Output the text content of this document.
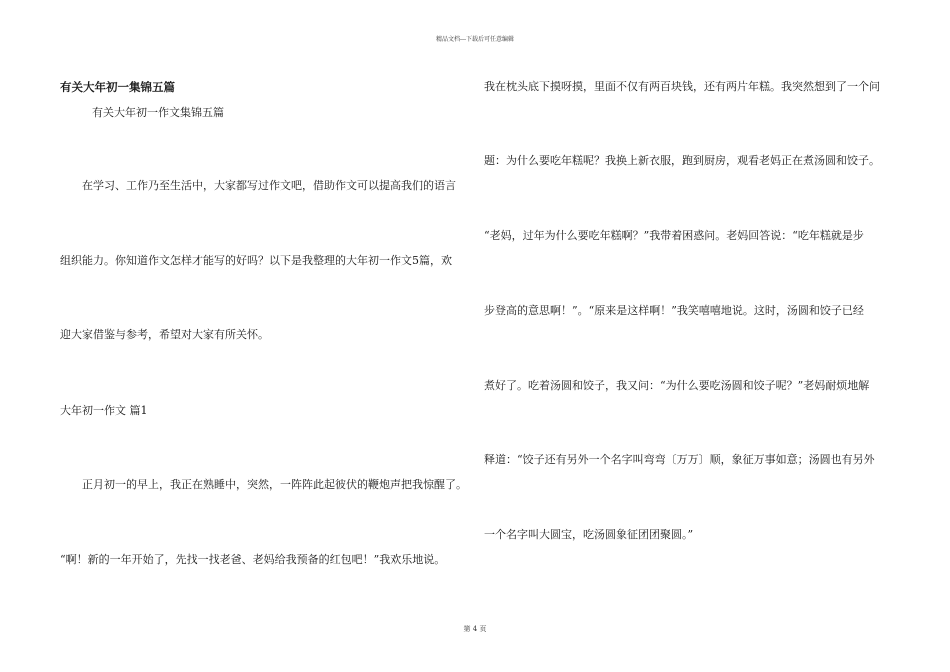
精品文档---下载后可任意编辑
有关大年初一集锦五篇
有关大年初一作文集锦五篇
在学习、工作乃至生活中，大家都写过作文吧，借助作文可以提高我们的语言
组织能力。你知道作文怎样才能写的好吗？以下是我整理的大年初一作文5篇，欢
迎大家借鉴与参考，希望对大家有所关怀。
大年初一作文 篇1
正月初一的早上，我正在熟睡中，突然，一阵阵此起彼伏的鞭炮声把我惊醒了。
“啊！新的一年开始了，先找一找老爸、老妈给我预备的红包吧！”我欢乐地说。
我在枕头底下摸呀摸，里面不仅有两百块钱，还有两片年糕。我突然想到了一个问
题：为什么要吃年糕呢？我换上新衣服，跑到厨房，观看老妈正在煮汤圆和饺子。
“老妈，过年为什么要吃年糕啊？”我带着困惑问。老妈回答说：“吃年糕就是步
步登高的意思啊！”。“原来是这样啊！”我笑嘻嘻地说。这时，汤圆和饺子已经
煮好了。吃着汤圆和饺子，我又问：“为什么要吃汤圆和饺子呢？”老妈耐烦地解
释道：“饺子还有另外一个名字叫弯弯〔万万〕顺，象征万事如意；汤圆也有另外
一个名字叫大圆宝，吃汤圆象征团团聚圆。”
第 4 页
